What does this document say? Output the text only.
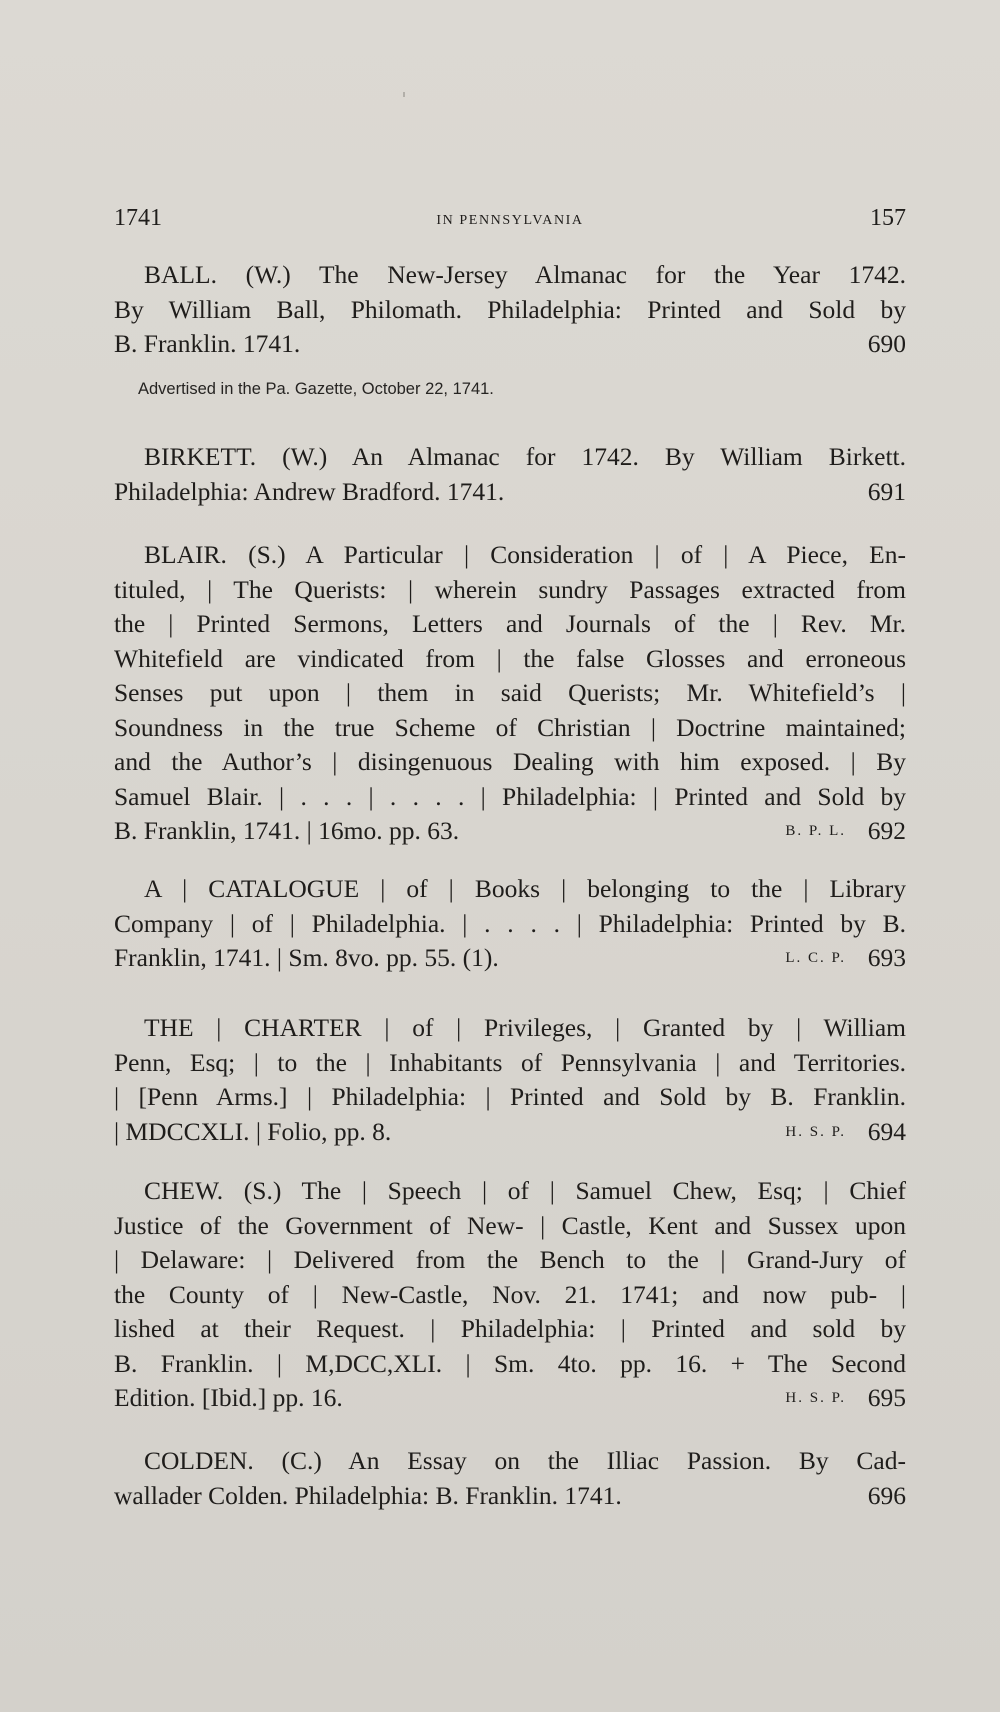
1741	IN PENNSYLVANIA	157
BALL. (W.) The New-Jersey Almanac for the Year 1742.
By William Ball, Philomath. Philadelphia: Printed and Sold by
B. Franklin. 1741.	690
Advertised in the Pa. Gazette, October 22, 1741.
BIRKETT. (W.) An Almanac for 1742. By William Birkett.
Philadelphia: Andrew Bradford. 1741.	691
BLAIR. (S.) A Particular | Consideration | of | A Piece, En-
tituled, | The Querists: | wherein sundry Passages extracted from
the | Printed Sermons, Letters and Journals of the | Rev. Mr.
Whitefield are vindicated from | the false Glosses and erroneous
Senses put upon | them in said Querists; Mr. Whitefield’s |
Soundness in the true Scheme of Christian | Doctrine maintained;
and the Author’s | disingenuous Dealing with him exposed. | By
Samuel Blair. | . . . | . . . . | Philadelphia: | Printed and Sold by
B. Franklin, 1741. | 16mo. pp. 63.	B. P. L. 692
A | CATALOGUE | of | Books | belonging to the | Library
Company | of | Philadelphia. | . . . . | Philadelphia: Printed by B.
Franklin, 1741. | Sm. 8vo. pp. 55. (1).	L. C. P. 693
THE | CHARTER | of | Privileges, | Granted by | William
Penn, Esq; | to the | Inhabitants of Pennsylvania | and Territories.
| [Penn Arms.] | Philadelphia: | Printed and Sold by B. Franklin.
| MDCCXLI. | Folio, pp. 8.	H. S. P. 694
CHEW. (S.) The | Speech | of | Samuel Chew, Esq; | Chief
Justice of the Government of New- | Castle, Kent and Sussex upon
| Delaware: | Delivered from the Bench to the | Grand-Jury of
the County of | New-Castle, Nov. 21. 1741; and now pub- |
lished at their Request. | Philadelphia: | Printed and sold by
B. Franklin. | M,DCC,XLI. | Sm. 4to. pp. 16. + The Second
Edition. [Ibid.] pp. 16.	H. S. P. 695
COLDEN. (C.) An Essay on the Illiac Passion. By Cad-
wallader Colden. Philadelphia: B. Franklin. 1741.	696
